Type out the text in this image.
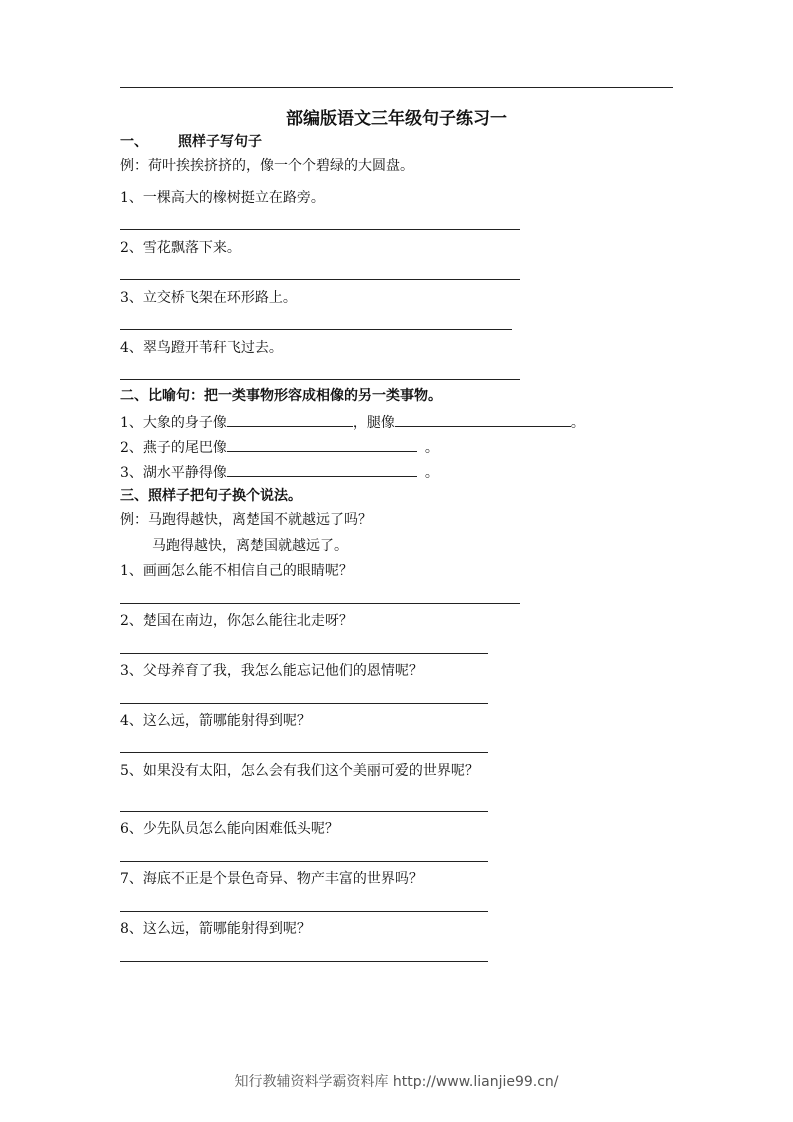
部编版语文三年级句子练习一
一、 照样子写句子
例：荷叶挨挨挤挤的，像一个个碧绿的大圆盘。
1、一棵高大的橡树挺立在路旁。
2、雪花飘落下来。
3、立交桥飞架在环形路上。
4、翠鸟蹬开苇秆飞过去。
二、比喻句：把一类事物形容成相像的另一类事物。
1、大象的身子像	，腿像	。
2、燕子的尾巴像	。
3、湖水平静得像	。
三、照样子把句子换个说法。
例：马跑得越快，离楚国不就越远了吗？
马跑得越快，离楚国就越远了。
1、画画怎么能不相信自己的眼睛呢？
2、楚国在南边，你怎么能往北走呀？
3、父母养育了我，我怎么能忘记他们的恩情呢？
4、这么远，箭哪能射得到呢？
5、如果没有太阳，怎么会有我们这个美丽可爱的世界呢？
6、少先队员怎么能向困难低头呢？
7、海底不正是个景色奇异、物产丰富的世界吗？
8、这么远，箭哪能射得到呢？
知行教辅资料学霸资料库 http://www.lianjie99.cn/
